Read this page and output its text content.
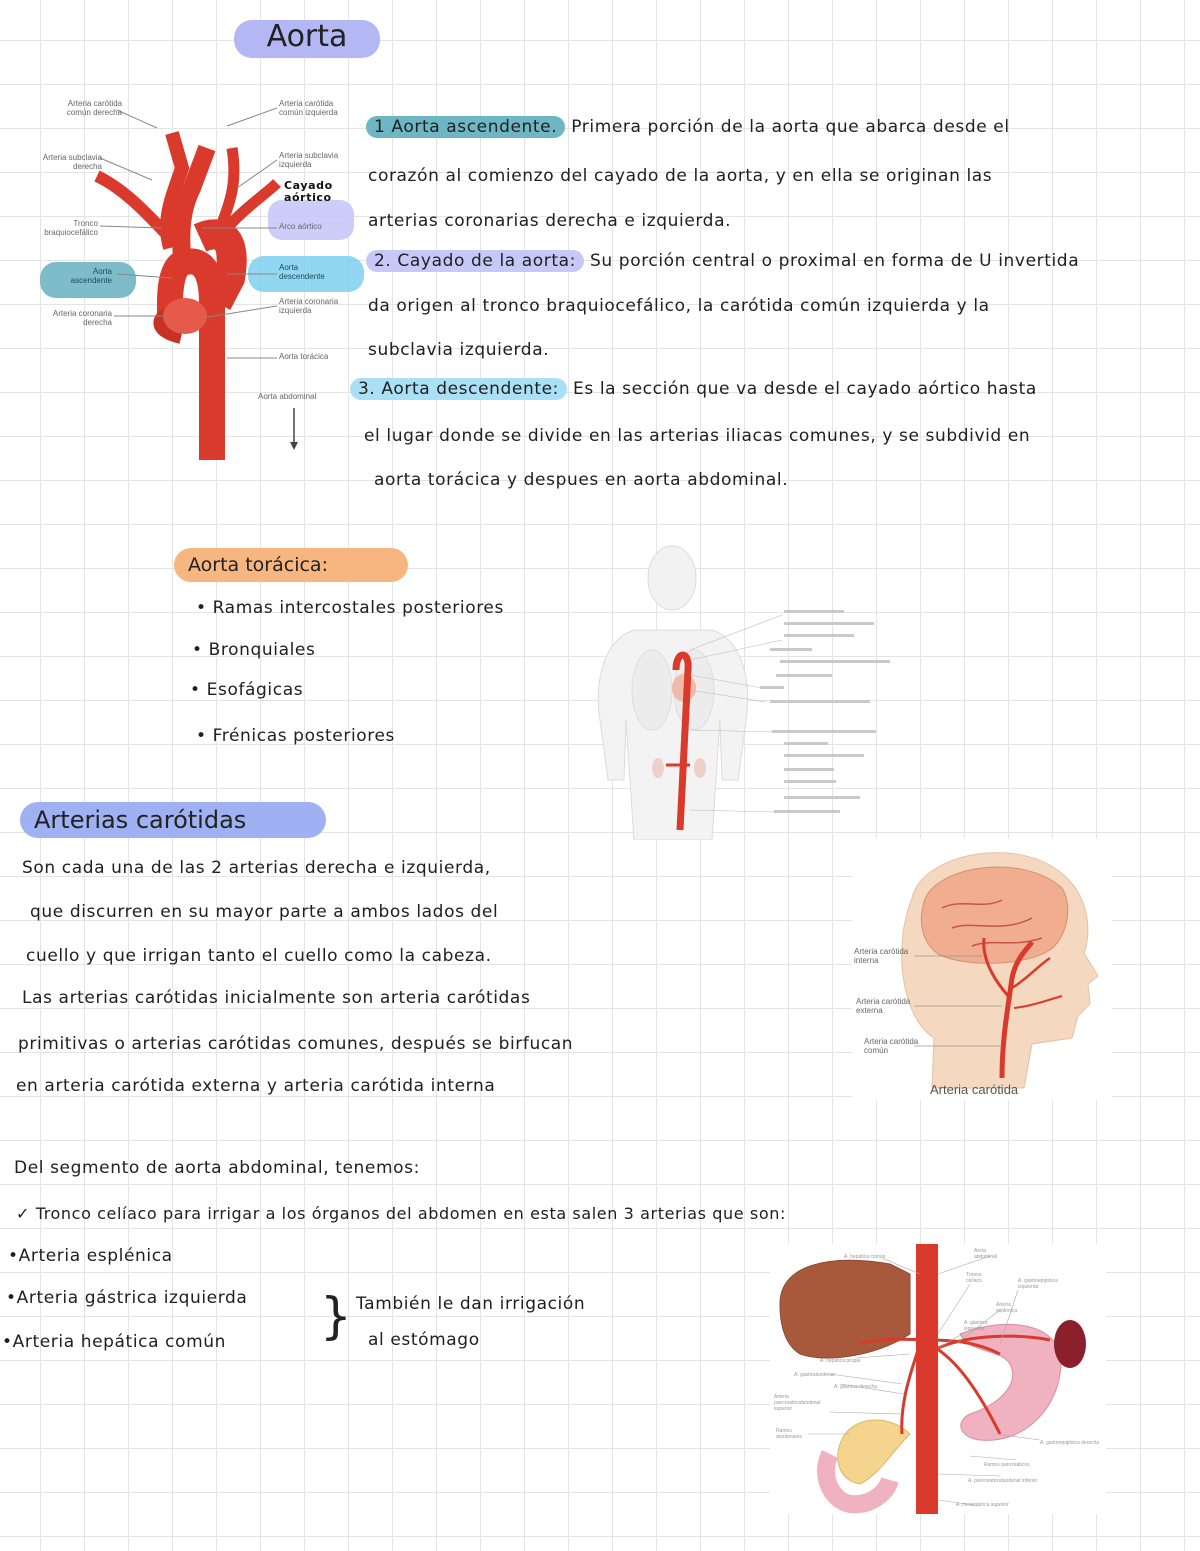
Aorta
Arteria carótida común derecha
Arteria subclavia derecha
Tronco braquiocefálico
Aorta ascendente
Arteria coronaria derecha
Arteria carótida común izquierda
Arteria subclavia izquierda
Arco aórtico
Aorta descendente
Arteria coronaria izquierda
Aorta torácica
Aorta abdominal
Cayado aórtico
1 Aorta ascendente. Primera porción de la aorta que abarca desde el
corazón al comienzo del cayado de la aorta, y en ella se originan las
arterias coronarias derecha e izquierda.
2. Cayado de la aorta: Su porción central o proximal en forma de U invertida
da origen al tronco braquiocefálico, la carótida común izquierda y la
subclavia izquierda.
3. Aorta descendente: Es la sección que va desde el cayado aórtico hasta
el lugar donde se divide en las arterias iliacas comunes, y se subdivid en
aorta torácica y despues en aorta abdominal.
Aorta torácica:
• Ramas intercostales posteriores
• Bronquiales
• Esofágicas
• Frénicas posteriores
Arterias carótidas
Son cada una de las 2 arterias derecha e izquierda,
que discurren en su mayor parte a ambos lados del
cuello y que irrigan tanto el cuello como la cabeza.
Las arterias carótidas inicialmente son arteria carótidas
primitivas o arterias carótidas comunes, después se birfucan
en arteria carótida externa y arteria carótida interna
Arteria carótida interna
Arteria carótida externa
Arteria carótida común
Arteria carótida
Del segmento de aorta abdominal, tenemos:
✓ Tronco celíaco para irrigar a los órganos del abdomen en esta salen 3 arterias que son:
•Arteria esplénica
•Arteria gástrica izquierda
•Arteria hepática común } También le dan irrigación
al estómago
A. hepática común
Aorta abdominal
Tronco celíaco	A. gastroepiploica izquierda
Arteria esplénica
A. gástrica izquierda
A. hepática propia
A. gastroduodenal
A. gástrica derecha
Arteria pancreaticoduodenal superior
Ramos duodenales
A. gastroepiploica derecha
Ramos pancreáticos
A. pancreaticoduodenal inferior
A. mesentérica superior
